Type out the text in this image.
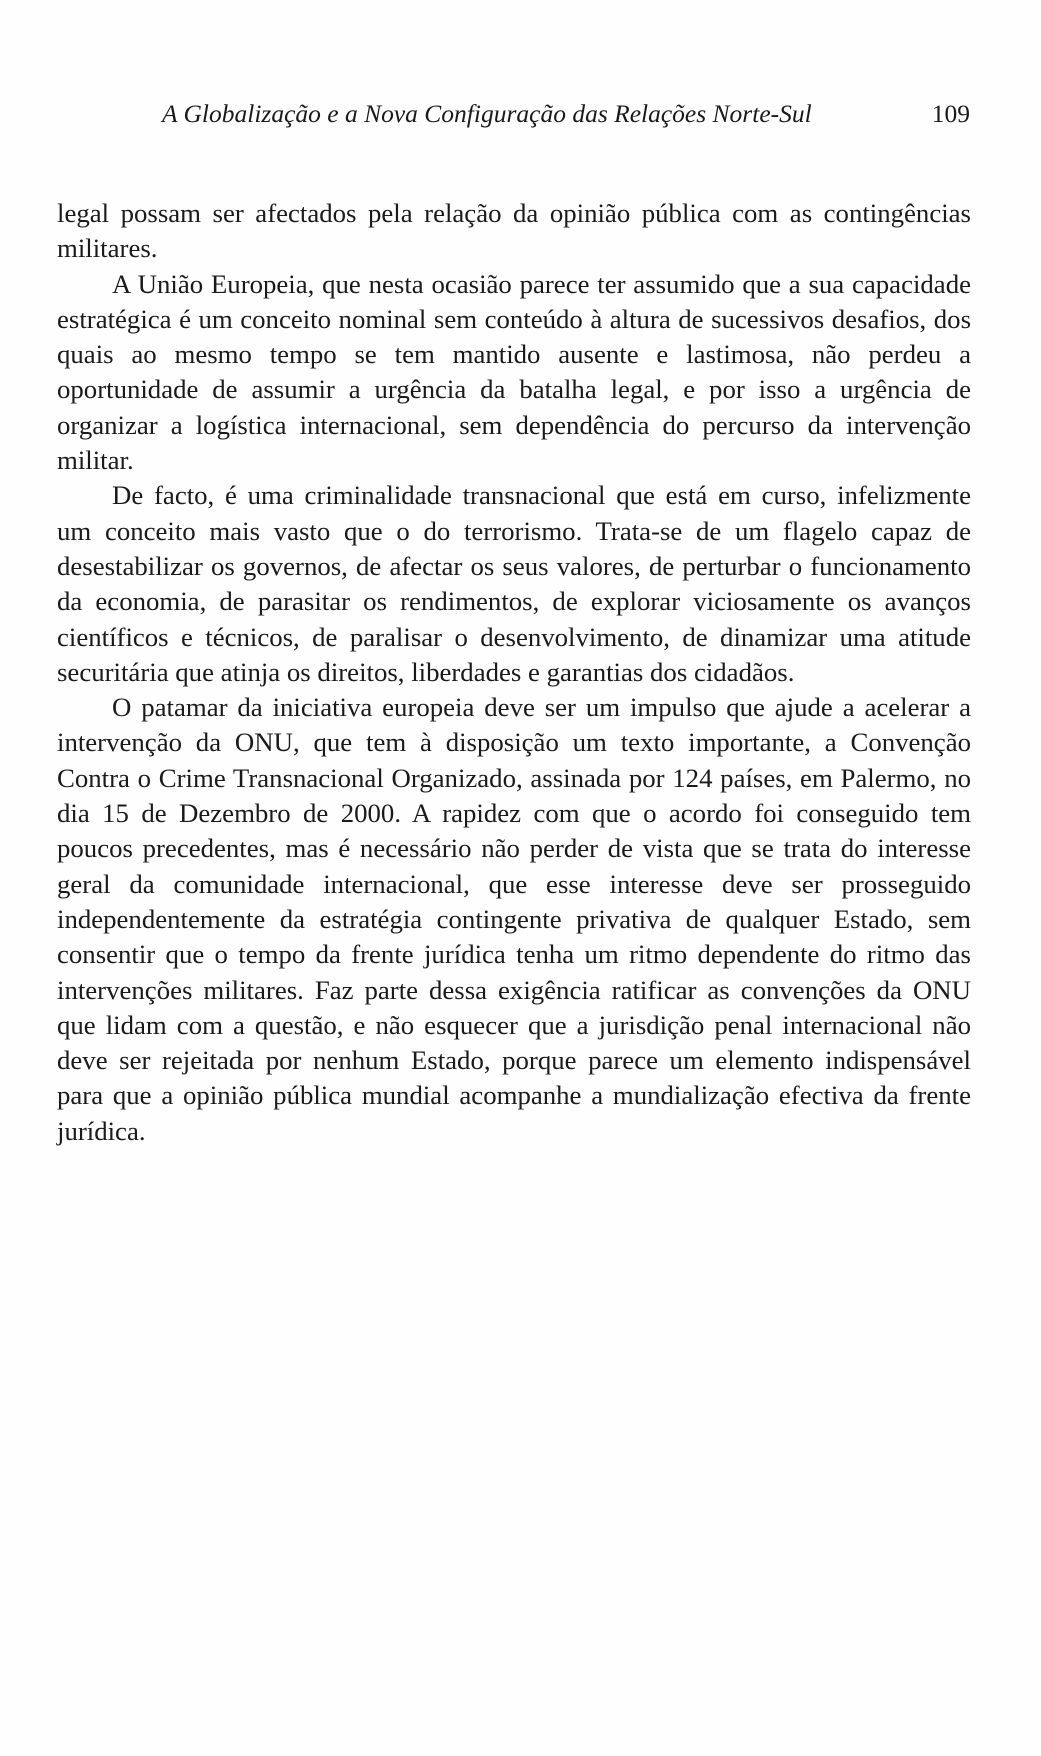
A Globalização e a Nova Configuração das Relações Norte-Sul	109

legal possam ser afectados pela relação da opinião pública com as contingências militares.

A União Europeia, que nesta ocasião parece ter assumido que a sua capacidade estratégica é um conceito nominal sem conteúdo à altura de sucessivos desafios, dos quais ao mesmo tempo se tem mantido ausente e lastimosa, não perdeu a oportunidade de assumir a urgência da batalha legal, e por isso a urgência de organizar a logística internacional, sem dependência do percurso da intervenção militar.

De facto, é uma criminalidade transnacional que está em curso, infelizmente um conceito mais vasto que o do terrorismo. Trata-se de um flagelo capaz de desestabilizar os governos, de afectar os seus valores, de perturbar o funcionamento da economia, de parasitar os rendimentos, de explorar viciosamente os avanços científicos e técnicos, de paralisar o desenvolvimento, de dinamizar uma atitude securitária que atinja os direitos, liberdades e garantias dos cidadãos.

O patamar da iniciativa europeia deve ser um impulso que ajude a acelerar a intervenção da ONU, que tem à disposição um texto importante, a Convenção Contra o Crime Transnacional Organizado, assinada por 124 países, em Palermo, no dia 15 de Dezembro de 2000. A rapidez com que o acordo foi conseguido tem poucos precedentes, mas é necessário não perder de vista que se trata do interesse geral da comunidade internacional, que esse interesse deve ser prosseguido independentemente da estratégia contingente privativa de qualquer Estado, sem consentir que o tempo da frente jurídica tenha um ritmo dependente do ritmo das intervenções militares. Faz parte dessa exigência ratificar as convenções da ONU que lidam com a questão, e não esquecer que a jurisdição penal internacional não deve ser rejeitada por nenhum Estado, porque parece um elemento indispensável para que a opinião pública mundial acompanhe a mundialização efectiva da frente jurídica.
